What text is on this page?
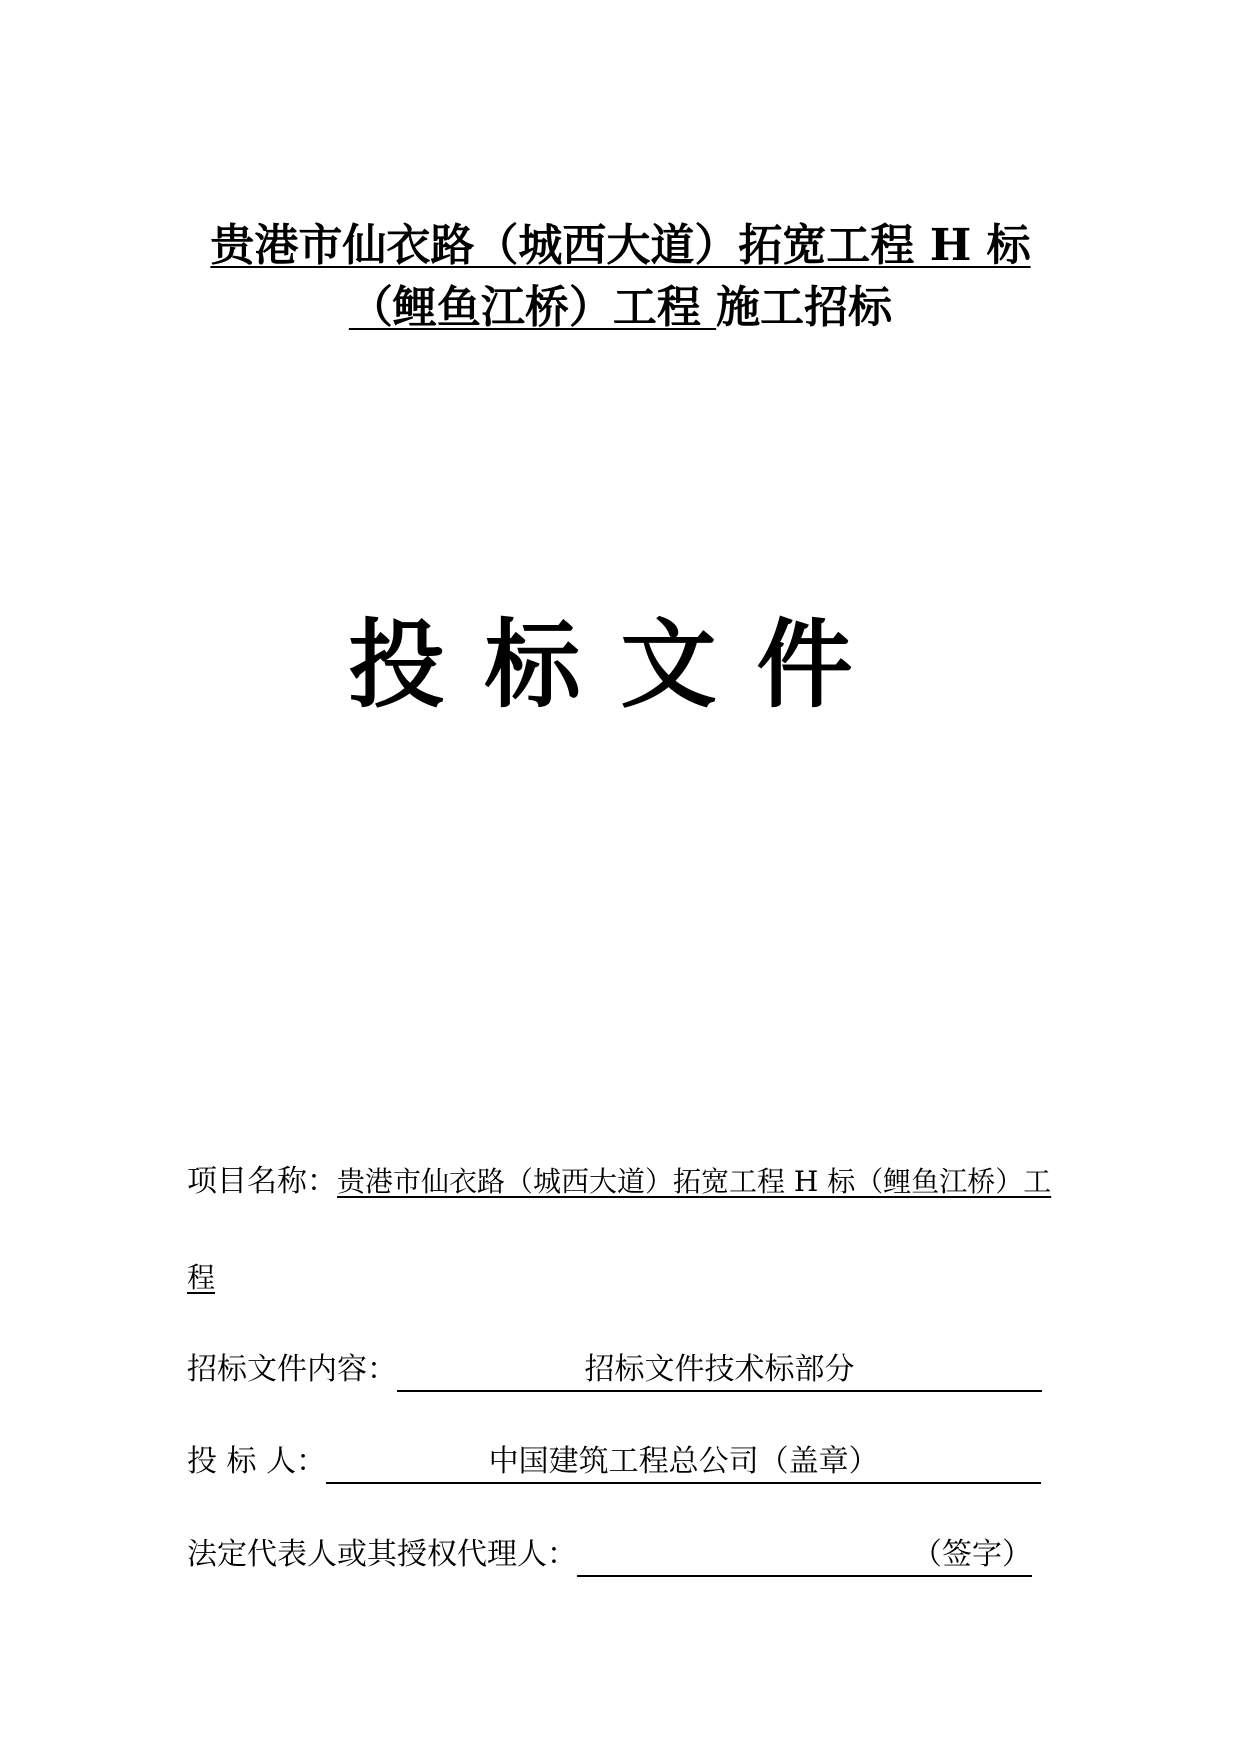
贵港市仙衣路（城西大道）拓宽工程 H 标
（鲤鱼江桥）工程 施工招标
投标文件
项目名称：贵港市仙衣路（城西大道）拓宽工程 H 标（鲤鱼江桥）工
程
招标文件内容：	招标文件技术标部分
投 标 人：	中国建筑工程总公司（盖章）
法定代表人或其授权代理人：	（签字）
